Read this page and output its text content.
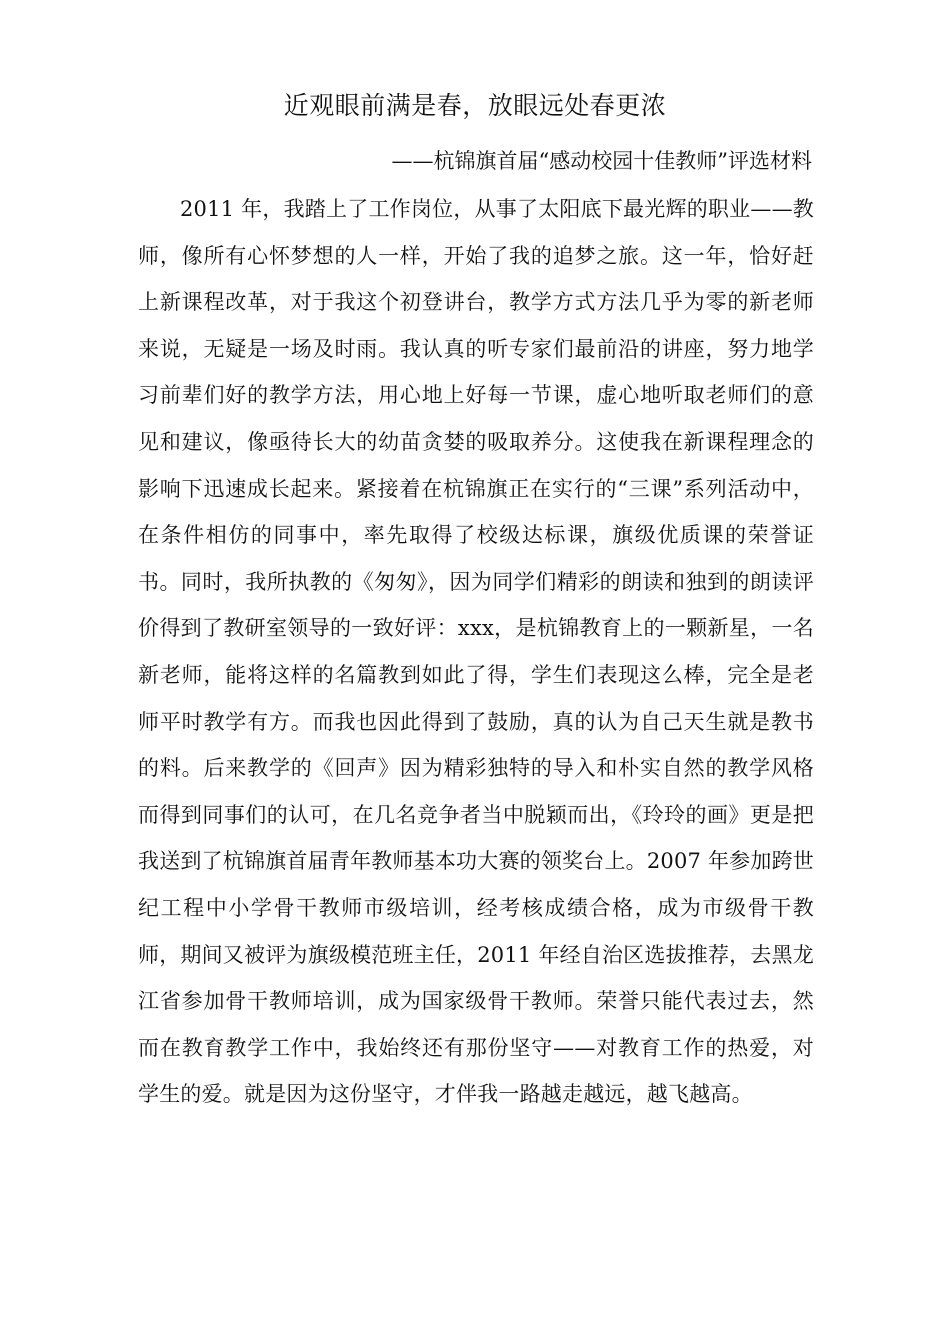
近观眼前满是春，放眼远处春更浓
——杭锦旗首届“感动校园十佳教师”评选材料

2011 年，我踏上了工作岗位，从事了太阳底下最光辉的职业——教师，像所有心怀梦想的人一样，开始了我的追梦之旅。这一年，恰好赶上新课程改革，对于我这个初登讲台，教学方式方法几乎为零的新老师来说，无疑是一场及时雨。我认真的听专家们最前沿的讲座，努力地学习前辈们好的教学方法，用心地上好每一节课，虚心地听取老师们的意见和建议，像亟待长大的幼苗贪婪的吸取养分。这使我在新课程理念的影响下迅速成长起来。紧接着在杭锦旗正在实行的“三课”系列活动中，在条件相仿的同事中，率先取得了校级达标课，旗级优质课的荣誉证书。同时，我所执教的《匆匆》，因为同学们精彩的朗读和独到的朗读评价得到了教研室领导的一致好评：xxx，是杭锦教育上的一颗新星，一名新老师，能将这样的名篇教到如此了得，学生们表现这么棒，完全是老师平时教学有方。而我也因此得到了鼓励，真的认为自己天生就是教书的料。后来教学的《回声》因为精彩独特的导入和朴实自然的教学风格而得到同事们的认可，在几名竞争者当中脱颖而出，《玲玲的画》更是把我送到了杭锦旗首届青年教师基本功大赛的领奖台上。2007 年参加跨世纪工程中小学骨干教师市级培训，经考核成绩合格，成为市级骨干教师，期间又被评为旗级模范班主任，2011 年经自治区选拔推荐，去黑龙江省参加骨干教师培训，成为国家级骨干教师。荣誉只能代表过去，然而在教育教学工作中，我始终还有那份坚守——对教育工作的热爱，对学生的爱。就是因为这份坚守，才伴我一路越走越远，越飞越高。
